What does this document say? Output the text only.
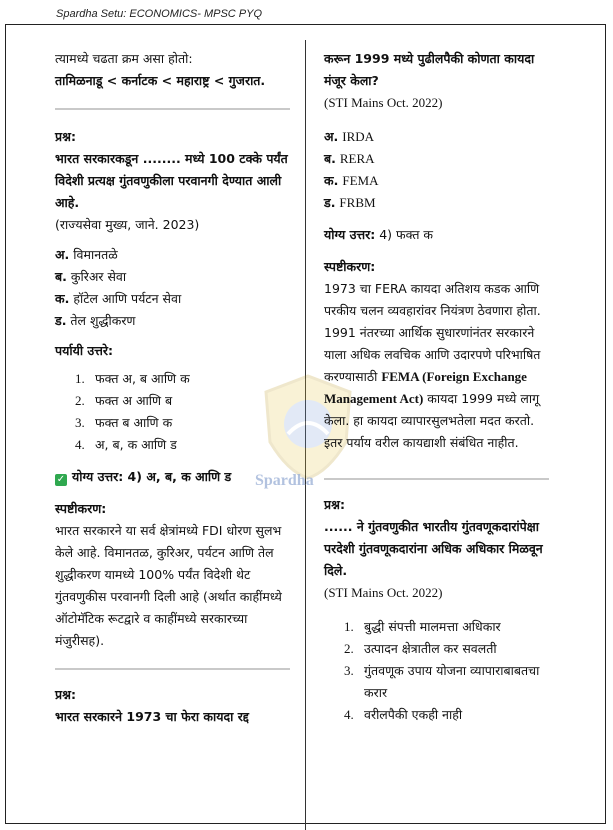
Spardha Setu: ECONOMICS- MPSC PYQ
Spardha

त्यामध्ये चढता क्रम असा होतो:

तामिळनाडू < कर्नाटक < महाराष्ट्र < गुजरात.

प्रश्न:

भारत सरकारकडून ........ मध्ये 100 टक्के पर्यंत विदेशी प्रत्यक्ष गुंतवणुकीला परवानगी देण्यात आली आहे.

(राज्यसेवा मुख्य, जाने. 2023)

अ. विमानतळे

ब. कुरिअर सेवा

क. हॉटेल आणि पर्यटन सेवा

ड. तेल शुद्धीकरण

पर्यायी उत्तरे:

1. फक्त अ, ब आणि क
2. फक्त अ आणि ब
3. फक्त ब आणि क
4. अ, ब, क आणि ड

✓ योग्य उत्तर: 4) अ, ब, क आणि ड

स्पष्टीकरण:

भारत सरकारने या सर्व क्षेत्रांमध्ये FDI धोरण सुलभ केले आहे. विमानतळ, कुरिअर, पर्यटन आणि तेल शुद्धीकरण यामध्ये 100% पर्यंत विदेशी थेट गुंतवणुकीस परवानगी दिली आहे (अर्थात काहींमध्ये ऑटोमॅटिक रूटद्वारे व काहींमध्ये सरकारच्या मंजुरीसह).

प्रश्न:

भारत सरकारने 1973 चा फेरा कायदा रद्द

करून 1999 मध्ये पुढीलपैकी कोणता कायदा मंजूर केला?

(STI Mains Oct. 2022)

अ. IRDA

ब. RERA

क. FEMA

ड. FRBM

योग्य उत्तर: 4) फक्त क

स्पष्टीकरण:

1973 चा FERA कायदा अतिशय कडक आणि परकीय चलन व्यवहारांवर नियंत्रण ठेवणारा होता. 1991 नंतरच्या आर्थिक सुधारणांनंतर सरकारने याला अधिक लवचिक आणि उदारपणे परिभाषित करण्यासाठी FEMA (Foreign Exchange Management Act) कायदा 1999 मध्ये लागू केला. हा कायदा व्यापारसुलभतेला मदत करतो. इतर पर्याय वरील कायद्याशी संबंधित नाहीत.

प्रश्न:

...... ने गुंतवणुकीत भारतीय गुंतवणूकदारांपेक्षा परदेशी गुंतवणूकदारांना अधिक अधिकार मिळवून दिले.

(STI Mains Oct. 2022)

1. बुद्धी संपत्ती मालमत्ता अधिकार
2. उत्पादन क्षेत्रातील कर सवलती
3. गुंतवणूक उपाय योजना व्यापाराबाबतचा करार
4. वरीलपैकी एकही नाही
